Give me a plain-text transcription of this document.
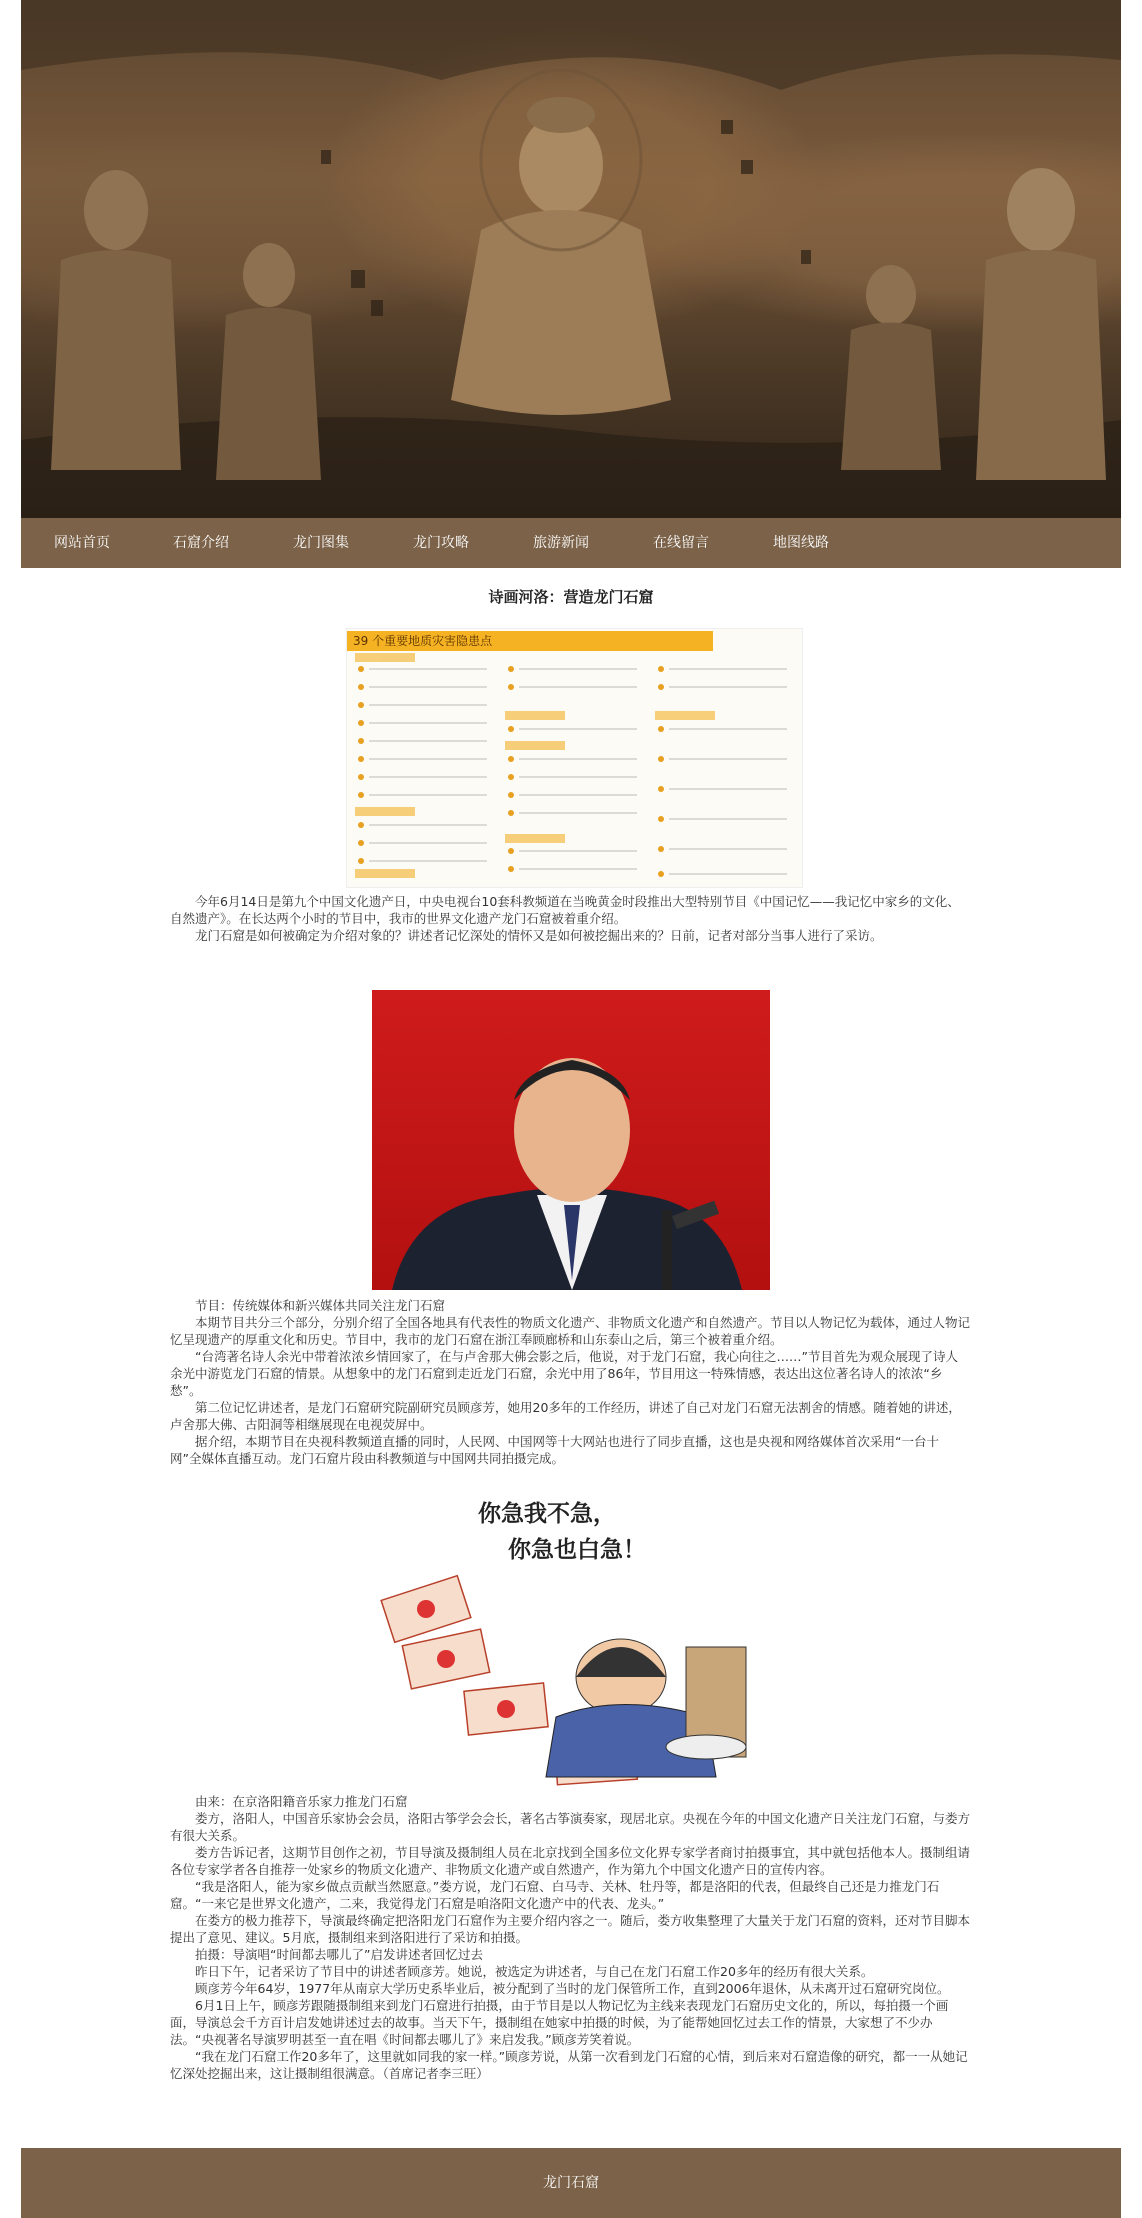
网站首页	石窟介绍	龙门图集	龙门攻略	旅游新闻	在线留言	地图线路
诗画河洛：营造龙门石窟
39 个重要地质灾害隐患点

今年6月14日是第九个中国文化遗产日，中央电视台10套科教频道在当晚黄金时段推出大型特别节目《中国记忆——我记忆中家乡的文化、自然遗产》。在长达两个小时的节目中，我市的世界文化遗产龙门石窟被着重介绍。

龙门石窟是如何被确定为介绍对象的？讲述者记忆深处的情怀又是如何被挖掘出来的？日前，记者对部分当事人进行了采访。

节目：传统媒体和新兴媒体共同关注龙门石窟

本期节目共分三个部分，分别介绍了全国各地具有代表性的物质文化遗产、非物质文化遗产和自然遗产。节目以人物记忆为载体，通过人物记忆呈现遗产的厚重文化和历史。节目中，我市的龙门石窟在浙江奉顾廊桥和山东泰山之后，第三个被着重介绍。

“台湾著名诗人余光中带着浓浓乡情回家了，在与卢舍那大佛会影之后，他说，对于龙门石窟，我心向往之……”节目首先为观众展现了诗人余光中游览龙门石窟的情景。从想象中的龙门石窟到走近龙门石窟，余光中用了86年，节目用这一特殊情感，表达出这位著名诗人的浓浓“乡愁”。

第二位记忆讲述者，是龙门石窟研究院副研究员顾彦芳，她用20多年的工作经历，讲述了自己对龙门石窟无法割舍的情感。随着她的讲述，卢舍那大佛、古阳洞等相继展现在电视荧屏中。

据介绍，本期节目在央视科教频道直播的同时，人民网、中国网等十大网站也进行了同步直播，这也是央视和网络媒体首次采用“一台十网”全媒体直播互动。龙门石窟片段由科教频道与中国网共同拍摄完成。

你急我不急，
你急也白急！

由来：在京洛阳籍音乐家力推龙门石窟

娄方，洛阳人，中国音乐家协会会员，洛阳古筝学会会长，著名古筝演奏家，现居北京。央视在今年的中国文化遗产日关注龙门石窟，与娄方有很大关系。

娄方告诉记者，这期节目创作之初，节目导演及摄制组人员在北京找到全国多位文化界专家学者商讨拍摄事宜，其中就包括他本人。摄制组请各位专家学者各自推荐一处家乡的物质文化遗产、非物质文化遗产或自然遗产，作为第九个中国文化遗产日的宣传内容。

“我是洛阳人，能为家乡做点贡献当然愿意。”娄方说，龙门石窟、白马寺、关林、牡丹等，都是洛阳的代表，但最终自己还是力推龙门石窟。“一来它是世界文化遗产，二来，我觉得龙门石窟是咱洛阳文化遗产中的代表、龙头。”

在娄方的极力推荐下，导演最终确定把洛阳龙门石窟作为主要介绍内容之一。随后，娄方收集整理了大量关于龙门石窟的资料，还对节目脚本提出了意见、建议。5月底，摄制组来到洛阳进行了采访和拍摄。

拍摄：导演唱“时间都去哪儿了”启发讲述者回忆过去

昨日下午，记者采访了节目中的讲述者顾彦芳。她说，被选定为讲述者，与自己在龙门石窟工作20多年的经历有很大关系。

顾彦芳今年64岁，1977年从南京大学历史系毕业后，被分配到了当时的龙门保管所工作，直到2006年退休，从未离开过石窟研究岗位。

6月1日上午，顾彦芳跟随摄制组来到龙门石窟进行拍摄，由于节目是以人物记忆为主线来表现龙门石窟历史文化的，所以，每拍摄一个画面，导演总会千方百计启发她讲述过去的故事。当天下午，摄制组在她家中拍摄的时候，为了能帮她回忆过去工作的情景，大家想了不少办法。“央视著名导演罗明甚至一直在唱《时间都去哪儿了》来启发我。”顾彦芳笑着说。

“我在龙门石窟工作20多年了，这里就如同我的家一样。”顾彦芳说，从第一次看到龙门石窟的心情，到后来对石窟造像的研究，都一一从她记忆深处挖掘出来，这让摄制组很满意。（首席记者李三旺）

龙门石窟
